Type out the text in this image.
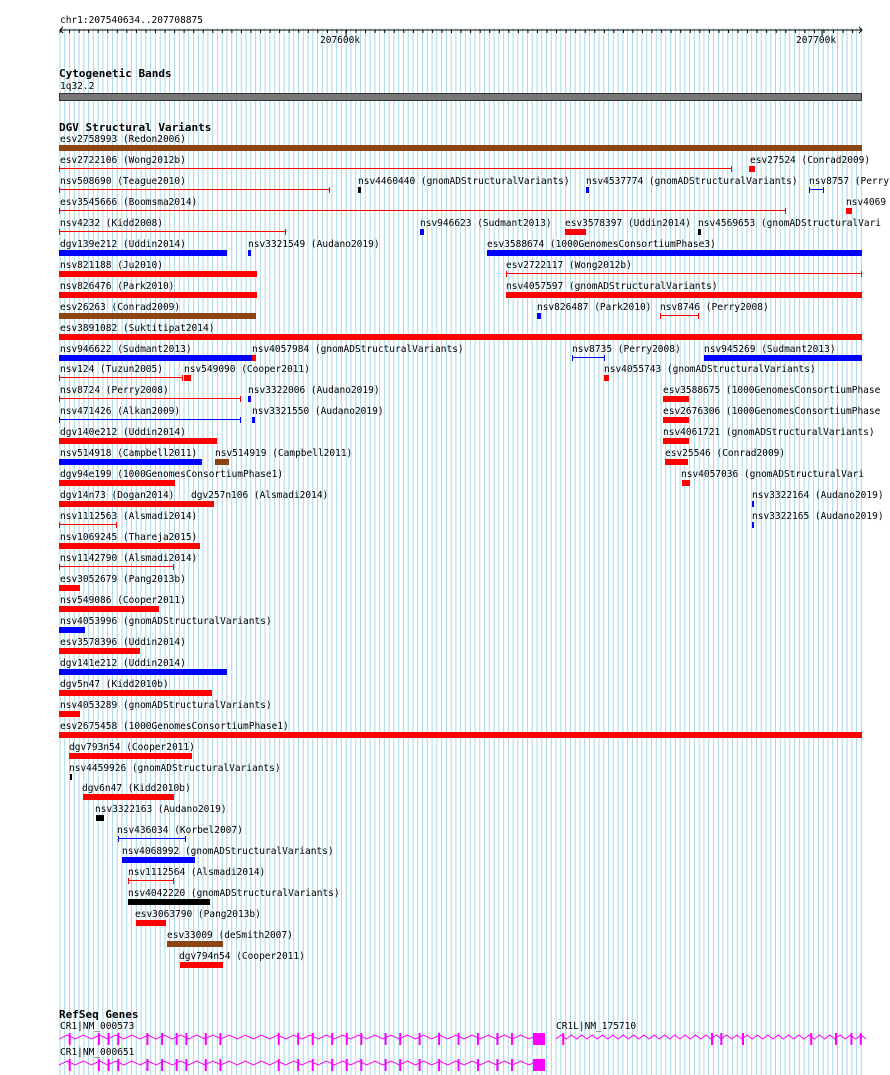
chr1:207540634..207708875
207600k	207700k
Cytogenetic Bands
1q32.2
DGV Structural Variants
esv2758993 (Redon2006)
esv2722106 (Wong2012b)	esv27524 (Conrad2009)
nsv508690 (Teague2010)	nsv4460440 (gnomADStructuralVariants) nsv4537774 (gnomADStructuralVariants) nsv8757 (Perry
esv3545666 (Boomsma2014)	nsv4069
nsv4232 (Kidd2008)	nsv946623 (Sudmant2013) esv3578397 (Uddin2014) nsv4569653 (gnomADStructuralVari
dgv139e212 (Uddin2014)	nsv3321549 (Audano2019)	esv3588674 (1000GenomesConsortiumPhase3)
nsv821188 (Ju2010)	esv2722117 (Wong2012b)
nsv826476 (Park2010)	nsv4057597 (gnomADStructuralVariants)
esv26263 (Conrad2009)	nsv826487 (Park2010) nsv8746 (Perry2008)
esv3891082 (Suktitipat2014)
nsv946622 (Sudmant2013)	nsv4057984 (gnomADStructuralVariants)	nsv8735 (Perry2008) nsv945269 (Sudmant2013)
nsv124 (Tuzun2005) nsv549090 (Cooper2011)	nsv4055743 (gnomADStructuralVariants)
nsv8724 (Perry2008)	nsv3322006 (Audano2019)	esv3588675 (1000GenomesConsortiumPhase
nsv471426 (Alkan2009)	nsv3321550 (Audano2019)	esv2676306 (1000GenomesConsortiumPhase
dgv140e212 (Uddin2014)	nsv4061721 (gnomADStructuralVariants)
nsv514918 (Campbell2011) nsv514919 (Campbell2011)	esv25546 (Conrad2009)
dgv94e199 (1000GenomesConsortiumPhase1)	nsv4057036 (gnomADStructuralVari
dgv14n73 (Dogan2014) dgv257n106 (Alsmadi2014)	nsv3322164 (Audano2019)
nsv1112563 (Alsmadi2014)	nsv3322165 (Audano2019)
nsv1069245 (Thareja2015)
nsv1142790 (Alsmadi2014)
esv3052679 (Pang2013b)
nsv549086 (Cooper2011)
nsv4053996 (gnomADStructuralVariants)
esv3578396 (Uddin2014)
dgv141e212 (Uddin2014)
dgv5n47 (Kidd2010b)
nsv4053289 (gnomADStructuralVariants)
esv2675458 (1000GenomesConsortiumPhase1)
dgv793n54 (Cooper2011)
nsv4459926 (gnomADStructuralVariants)
dgv6n47 (Kidd2010b)
nsv3322163 (Audano2019)
nsv436034 (Korbel2007)
nsv4068992 (gnomADStructuralVariants)
nsv1112564 (Alsmadi2014)
nsv4042220 (gnomADStructuralVariants)
esv3063790 (Pang2013b)
esv33009 (deSmith2007)
dgv794n54 (Cooper2011)
RefSeq Genes
CR1|NM_000573	CR1L|NM_175710
CR1|NM_000651
